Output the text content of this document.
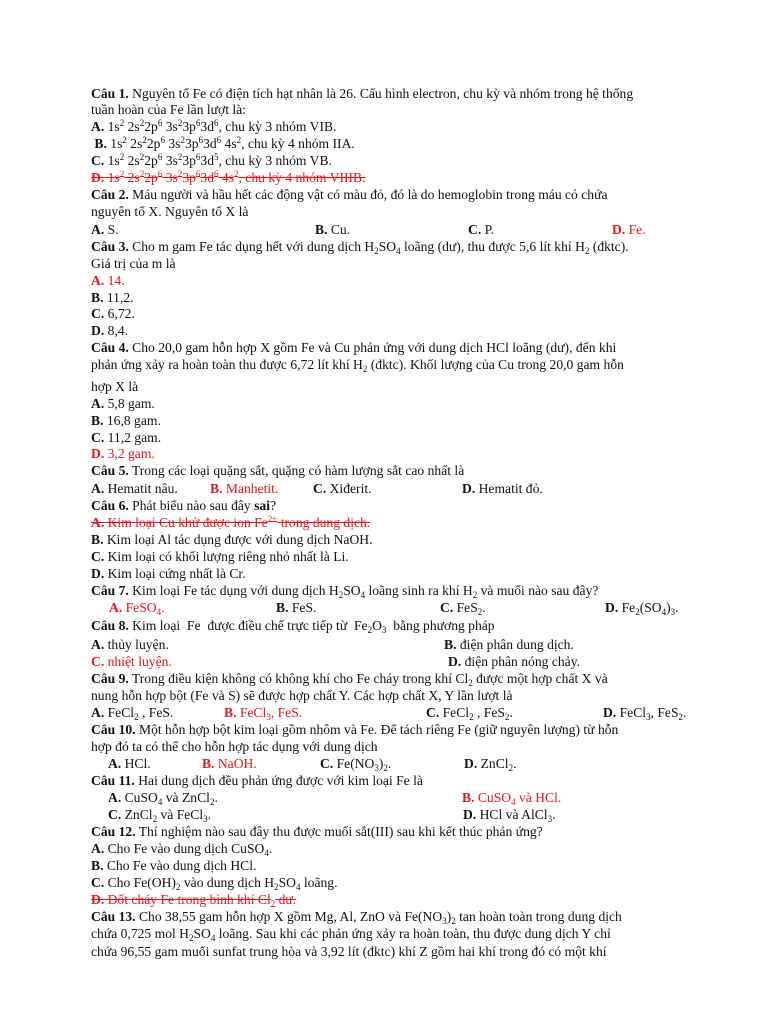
Câu 1. Nguyên tố Fe có điện tích hạt nhân là 26. Cấu hình electron, chu kỳ và nhóm trong hệ thống
tuần hoàn của Fe lần lượt là:
A. $1s^2$ $2s^22p^6$ $3s^23p^63d^6$, chu kỳ 3 nhóm VIB.
B. $1s^2$ $2s^22p^6$ $3s^23p^63d^6$ $4s^2$, chu kỳ 4 nhóm IIA.
C. $1s^2$ $2s^22p^6$ $3s^23p^63d^5$, chu kỳ 3 nhóm VB.
D. $1s^2$ $2s^22p^6$ $3s^23p^63d^6$ $4s^2$, chu kỳ 4 nhóm VIIIB.
Câu 2. Máu người và hầu hết các động vật có màu đỏ, đó là do hemoglobin trong máu có chứa
nguyên tố X. Nguyên tố X là
A. S.	B. Cu.	C. P.	D. Fe.
Câu 3. Cho m gam Fe tác dụng hết với dung dịch $H_2SO_4$ loãng (dư), thu được 5,6 lít khí $H_2$ (đktc).
Giá trị của m là
A. 14.
B. 11,2.
C. 6,72.
D. 8,4.
Câu 4. Cho 20,0 gam hỗn hợp X gồm Fe và Cu phản ứng với dung dịch HCl loãng (dư), đến khi
phản ứng xảy ra hoàn toàn thu được 6,72 lít khí $H_2$ (đktc). Khối lượng của Cu trong 20,0 gam hỗn
hợp X là
A. 5,8 gam.
B. 16,8 gam.
C. 11,2 gam.
D. 3,2 gam.
Câu 5. Trong các loại quặng sắt, quặng có hàm lượng sắt cao nhất là
A. Hematit nâu. B. Manhetit.	C. Xiđerit.	D. Hematit đỏ.
Câu 6. Phát biểu nào sau đây sai?
A. Kim loại Cu khử được ion $Fe^{2+}$ trong dung dịch.
B. Kim loại Al tác dụng được với dung dịch NaOH.
C. Kim loại có khối lượng riêng nhỏ nhất là Li.
D. Kim loại cứng nhất là Cr.
Câu 7. Kim loại Fe tác dụng với dung dịch $H_2SO_4$ loãng sinh ra khí $H_2$ và muối nào sau đây?
A. FeSO$_4$.	B. FeS.	C. FeS$_2$.	D. $Fe_2(SO_4)_3$.
Câu 8. Kim loại  Fe  được điều chế trực tiếp từ  $Fe_2O_3$  bằng phương pháp
A. thủy luyện.	B. điện phân dung dịch.
C. nhiệt luyện.	D. điện phân nóng chảy.
Câu 9. Trong điều kiện không có không khí cho Fe cháy trong khí $Cl_2$ được một hợp chất X và
nung hỗn hợp bột (Fe và S) sẽ được hợp chất Y. Các hợp chất X, Y lần lượt là
A. FeCl$_2$ , FeS.	B. FeCl$_3$, FeS.	C. FeCl$_2$ , FeS$_2$.	D. FeCl$_3$, FeS$_2$.
Câu 10. Một hỗn hợp bột kim loại gồm nhôm và Fe. Để tách riêng Fe (giữ nguyên lượng) từ hỗn
hợp đó ta có thể cho hỗn hợp tác dụng với dung dịch
A. HCl.	B. NaOH.	C. $Fe(NO_3)_2$.	D. ZnCl$_2$.
Câu 11. Hai dung dịch đều phản ứng được với kim loại Fe là
A. CuSO$_4$ và ZnCl$_2$.	B. CuSO$_4$ và HCl.
C. ZnCl$_2$ và FeCl$_3$.	D. HCl và AlCl$_3$.
Câu 12. Thí nghiệm nào sau đây thu được muối sắt(III) sau khi kết thúc phản ứng?
A. Cho Fe vào dung dịch CuSO$_4$.
B. Cho Fe vào dung dịch HCl.
C. Cho $Fe(OH)_2$ vào dung dịch $H_2SO_4$ loãng.
D. Đốt cháy Fe trong bình khí $Cl_2$ dư.
Câu 13. Cho 38,55 gam hỗn hợp X gồm Mg, Al, ZnO và $Fe(NO_3)_2$ tan hoàn toàn trong dung dịch
chứa 0,725 mol $H_2SO_4$ loãng. Sau khi các phản ứng xảy ra hoàn toàn, thu được dung dịch Y chỉ
chứa 96,55 gam muối sunfat trung hòa và 3,92 lít (đktc) khí Z gồm hai khí trong đó có một khí
